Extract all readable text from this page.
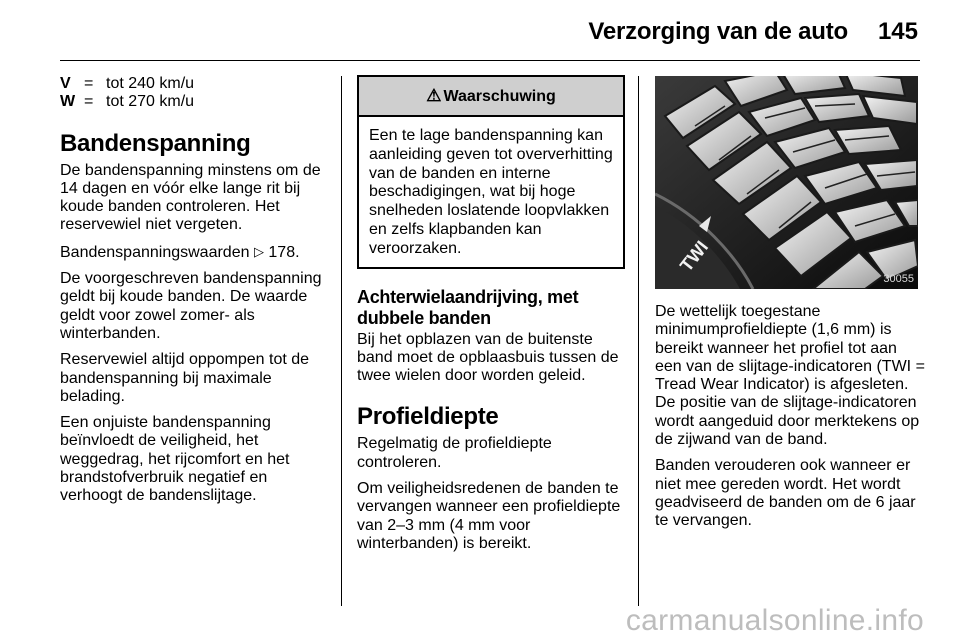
Verzorging van de auto 145
V = tot 240 km/u
W = tot 270 km/u
Bandenspanning

De bandenspanning minstens om de 14 dagen en vóór elke lange rit bij koude banden controleren. Het reservewiel niet vergeten.

Bandenspanningswaarden ▷ 178.

De voorgeschreven bandenspanning geldt bij koude banden. De waarde geldt voor zowel zomer- als winterbanden.

Reservewiel altijd oppompen tot de bandenspanning bij maximale belading.

Een onjuiste bandenspanning beïnvloedt de veiligheid, het weggedrag, het rijcomfort en het brandstofverbruik negatief en verhoogt de bandenslijtage.

⚠ Waarschuwing
Een te lage bandenspanning kan aanleiding geven tot oververhitting van de banden en interne beschadigingen, wat bij hoge snelheden loslatende loopvlakken en zelfs klapbanden kan veroorzaken.
Achterwielaandrijving, met dubbele banden

Bij het opblazen van de buitenste band moet de opblaasbuis tussen de twee wielen door worden geleid.

Profieldiepte

Regelmatig de profieldiepte controleren.

Om veiligheidsredenen de banden te vervangen wanneer een profieldiepte van 2–3 mm (4 mm voor winterbanden) is bereikt.

TWI
30055

De wettelijk toegestane minimumprofieldiepte (1,6 mm) is bereikt wanneer het profiel tot aan een van de slijtage-indicatoren (TWI = Tread Wear Indicator) is afgesleten. De positie van de slijtage-indicatoren wordt aangeduid door merktekens op de zijwand van de band.

Banden verouderen ook wanneer er niet mee gereden wordt. Het wordt geadviseerd de banden om de 6 jaar te vervangen.

carmanualsonline.info
